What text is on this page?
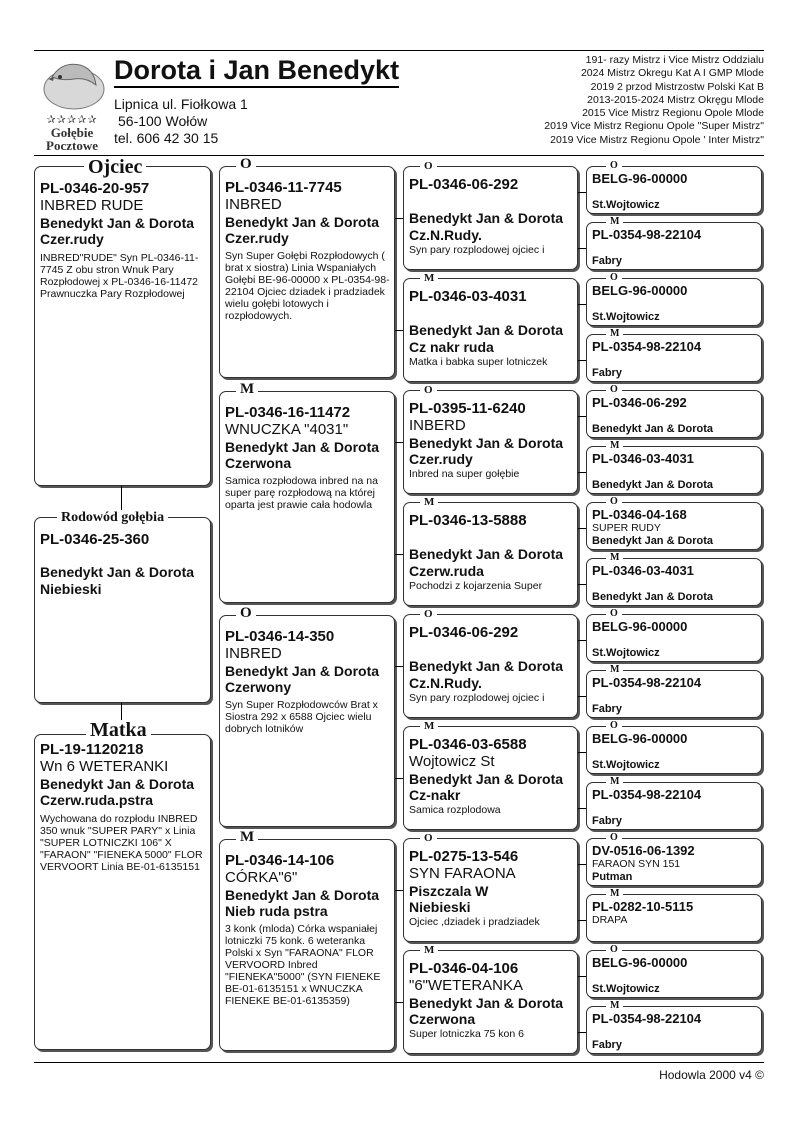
✰✰✰✰✰
Gołębie
Pocztowe
Dorota i Jan Benedykt
Lipnica ul. Fiołkowa 1
56-100 Wołów
tel. 606 42 30 15
191- razy Mistrz i Vice Mistrz Oddzialu
2024 Mistrz Okregu Kat A I GMP Mlode
2019 2 przod Mistrzostw Polski Kat B
2013-2015-2024 Mistrz Okręgu Mlode
2015 Vice Mistrz Regionu Opole Mlode
2019 Vice Mistrz Regionu Opole "Super Mistrz"
2019 Vice Mistrz Regionu Opole ' Inter Mistrz"
PL-0346-20-957
INBRED RUDE
Benedykt Jan & Dorota
Czer.rudy
INBRED"RUDE" Syn PL-0346-11-7745 Z obu stron Wnuk Pary Rozpłodowej x PL-0346-16-11472 Prawnuczka Pary Rozpłodowej
Ojciec
PL-0346-25-360
Benedykt Jan & Dorota
Niebieski
Rodowód gołębia
PL-19-1120218
Wn 6 WETERANKI
Benedykt Jan & Dorota
Czerw.ruda.pstra
Wychowana do rozpłodu INBRED 350 wnuk "SUPER PARY" x Linia "SUPER LOTNICZKI 106" X "FARAON" "FIENEKA 5000" FLOR VERVOORT Linia BE-01-6135151
Matka
PL-0346-11-7745
INBRED
Benedykt Jan & Dorota
Czer.rudy
Syn Super Gołębi Rozpłodowych ( brat x siostra) Linia Wspaniałych Gołębi BE-96-00000 x PL-0354-98-22104 Ojciec dziadek i pradziadek wielu gołębi lotowych i rozpłodowych.
O
PL-0346-16-11472
WNUCZKA "4031"
Benedykt Jan & Dorota
Czerwona
Samica rozpłodowa inbred na na super parę rozpłodową na której oparta jest prawie cała hodowla
M
PL-0346-14-350
INBRED
Benedykt Jan & Dorota
Czerwony
Syn Super Rozpłodowców Brat x Siostra 292 x 6588 Ojciec wielu dobrych lotników
O
PL-0346-14-106
CÓRKA"6"
Benedykt Jan & Dorota
Nieb ruda pstra
3 konk (mloda) Córka wspaniałej lotniczki 75 konk. 6 weteranka Polski x Syn "FARAONA" FLOR VERVOORD Inbred "FIENEKA"5000" (SYN FIENEKE BE-01-6135151 x WNUCZKA FIENEKE BE-01-6135359)
M
PL-0346-06-292
Benedykt Jan & Dorota
Cz.N.Rudy.
Syn pary rozplodowej ojciec i
O
PL-0346-03-4031
Benedykt Jan & Dorota
Cz nakr ruda
Matka i babka super lotniczek
M
PL-0395-11-6240
INBERD
Benedykt Jan & Dorota
Czer.rudy
Inbred na super gołębie
O
PL-0346-13-5888
Benedykt Jan & Dorota
Czerw.ruda
Pochodzi z kojarzenia Super
M
PL-0346-06-292
Benedykt Jan & Dorota
Cz.N.Rudy.
Syn pary rozplodowej ojciec i
O
PL-0346-03-6588
Wojtowicz St
Benedykt Jan & Dorota
Cz-nakr
Samica rozplodowa
M
PL-0275-13-546
SYN FARAONA
Piszczala W
Niebieski
Ojciec ,dziadek i pradziadek
O
PL-0346-04-106
"6"WETERANKA
Benedykt Jan & Dorota
Czerwona
Super lotniczka 75 kon 6
M
BELG-96-00000
St.Wojtowicz
O
PL-0354-98-22104
Fabry
M
BELG-96-00000
St.Wojtowicz
O
PL-0354-98-22104
Fabry
M
PL-0346-06-292
Benedykt Jan & Dorota
O
PL-0346-03-4031
Benedykt Jan & Dorota
M
PL-0346-04-168
SUPER RUDY
Benedykt Jan & Dorota
O
PL-0346-03-4031
Benedykt Jan & Dorota
M
BELG-96-00000
St.Wojtowicz
O
PL-0354-98-22104
Fabry
M
BELG-96-00000
St.Wojtowicz
O
PL-0354-98-22104
Fabry
M
DV-0516-06-1392
FARAON SYN 151
Putman
O
PL-0282-10-5115
DRAPA
M
BELG-96-00000
St.Wojtowicz
O
PL-0354-98-22104
Fabry
M
Hodowla 2000 v4 ©
